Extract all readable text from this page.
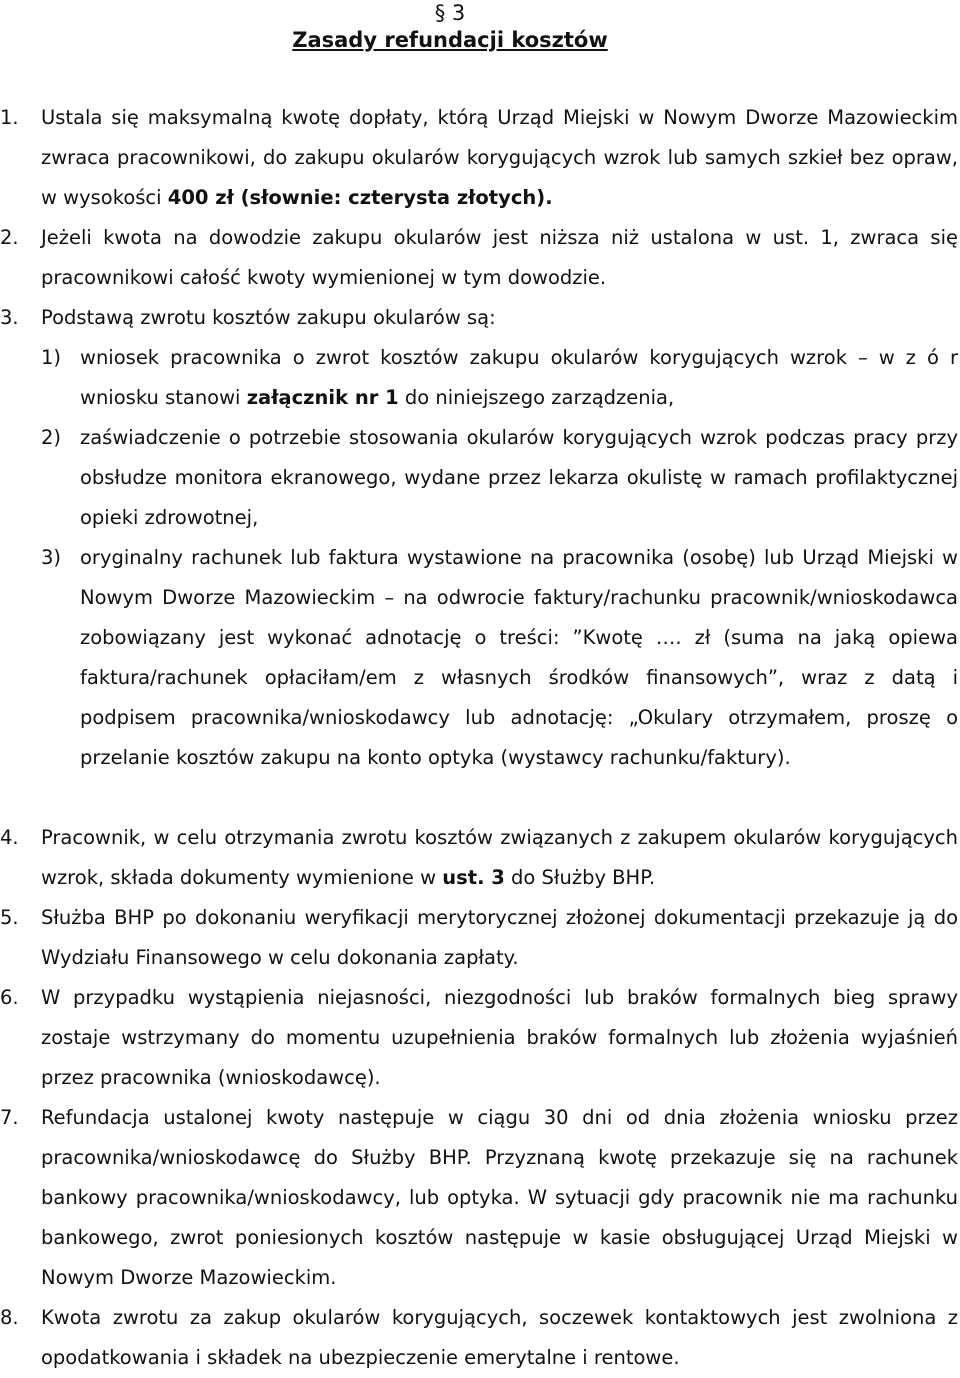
§ 3
Zasady refundacji kosztów
1. Ustala się maksymalną kwotę dopłaty, którą Urząd Miejski w Nowym Dworze Mazowieckim zwraca pracownikowi, do zakupu okularów korygujących wzrok lub samych szkieł bez opraw, w wysokości 400 zł (słownie: czterysta złotych).
2. Jeżeli kwota na dowodzie zakupu okularów jest niższa niż ustalona w ust. 1, zwraca się pracownikowi całość kwoty wymienionej w tym dowodzie.
3. Podstawą zwrotu kosztów zakupu okularów są:
1) wniosek pracownika o zwrot kosztów zakupu okularów korygujących wzrok – w z ó r wniosku stanowi załącznik nr 1 do niniejszego zarządzenia,
2) zaświadczenie o potrzebie stosowania okularów korygujących wzrok podczas pracy przy obsłudze monitora ekranowego, wydane przez lekarza okulistę w ramach profilaktycznej opieki zdrowotnej,
3) oryginalny rachunek lub faktura wystawione na pracownika (osobę) lub Urząd Miejski w Nowym Dworze Mazowieckim – na odwrocie faktury/rachunku pracownik/wnioskodawca zobowiązany jest wykonać adnotację o treści: ”Kwotę …. zł (suma na jaką opiewa faktura/rachunek opłaciłam/em z własnych środków finansowych”, wraz z datą i podpisem pracownika/wnioskodawcy lub adnotację: „Okulary otrzymałem, proszę o przelanie kosztów zakupu na konto optyka (wystawcy rachunku/faktury).
4. Pracownik, w celu otrzymania zwrotu kosztów związanych z zakupem okularów korygujących wzrok, składa dokumenty wymienione w ust. 3 do Służby BHP.
5. Służba BHP po dokonaniu weryfikacji merytorycznej złożonej dokumentacji przekazuje ją do Wydziału Finansowego w celu dokonania zapłaty.
6. W przypadku wystąpienia niejasności, niezgodności lub braków formalnych bieg sprawy zostaje wstrzymany do momentu uzupełnienia braków formalnych lub złożenia wyjaśnień przez pracownika (wnioskodawcę).
7. Refundacja ustalonej kwoty następuje w ciągu 30 dni od dnia złożenia wniosku przez pracownika/wnioskodawcę do Służby BHP. Przyznaną kwotę przekazuje się na rachunek bankowy pracownika/wnioskodawcy, lub optyka. W sytuacji gdy pracownik nie ma rachunku bankowego, zwrot poniesionych kosztów następuje w kasie obsługującej Urząd Miejski w Nowym Dworze Mazowieckim.
8. Kwota zwrotu za zakup okularów korygujących, soczewek kontaktowych jest zwolniona z opodatkowania i składek na ubezpieczenie emerytalne i rentowe.
